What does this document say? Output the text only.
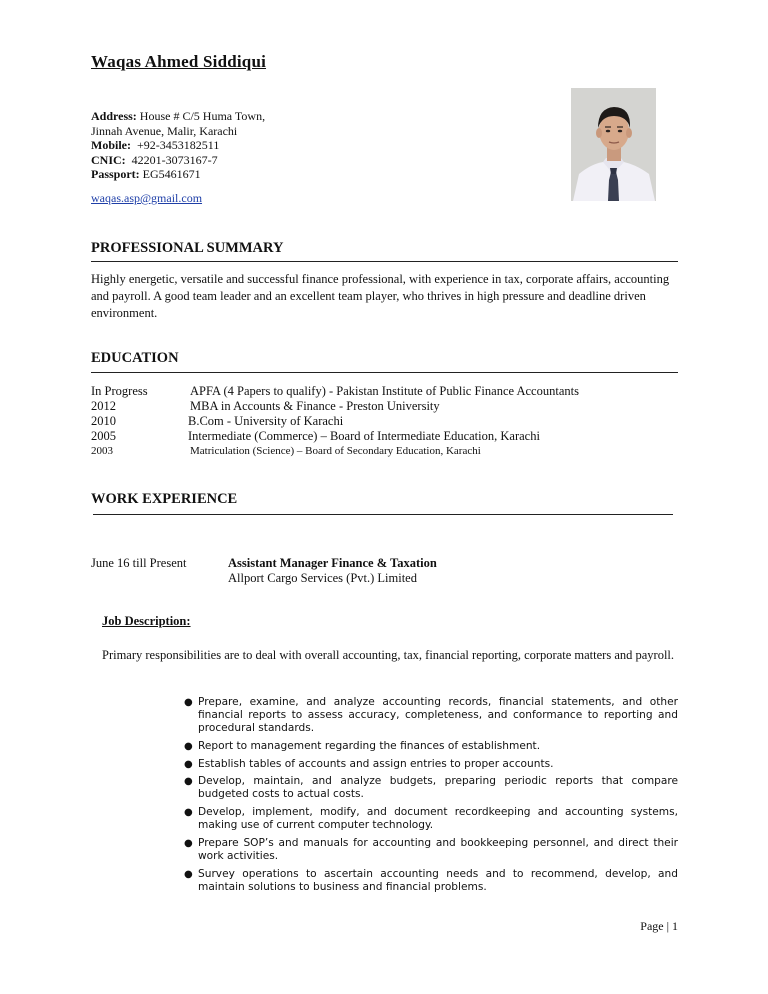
Waqas Ahmed Siddiqui
Address: House # C/5 Huma Town,
Jinnah Avenue, Malir, Karachi
Mobile: +92-3453182511
CNIC: 42201-3073167-7
Passport: EG5461671
waqas.asp@gmail.com
PROFESSIONAL SUMMARY
Highly energetic, versatile and successful finance professional, with experience in tax, corporate affairs, accounting and payroll. A good team leader and an excellent team player, who thrives in high pressure and deadline driven environment.
EDUCATION
In Progress	APFA (4 Papers to qualify) - Pakistan Institute of Public Finance Accountants
2012	MBA in Accounts & Finance - Preston University
2010	B.Com - University of Karachi
2005	Intermediate (Commerce) – Board of Intermediate Education, Karachi
2003	Matriculation (Science) – Board of Secondary Education, Karachi
WORK EXPERIENCE
June 16 till Present	Assistant Manager Finance & Taxation
Allport Cargo Services (Pvt.) Limited
Job Description:
Primary responsibilities are to deal with overall accounting, tax, financial reporting, corporate matters and payroll.
● Prepare, examine, and analyze accounting records, financial statements, and other financial reports to assess accuracy, completeness, and conformance to reporting and procedural standards.
● Report to management regarding the finances of establishment.
● Establish tables of accounts and assign entries to proper accounts.
● Develop, maintain, and analyze budgets, preparing periodic reports that compare budgeted costs to actual costs.
● Develop, implement, modify, and document recordkeeping and accounting systems, making use of current computer technology.
● Prepare SOP’s and manuals for accounting and bookkeeping personnel, and direct their work activities.
● Survey operations to ascertain accounting needs and to recommend, develop, and maintain solutions to business and financial problems.
Page | 1
